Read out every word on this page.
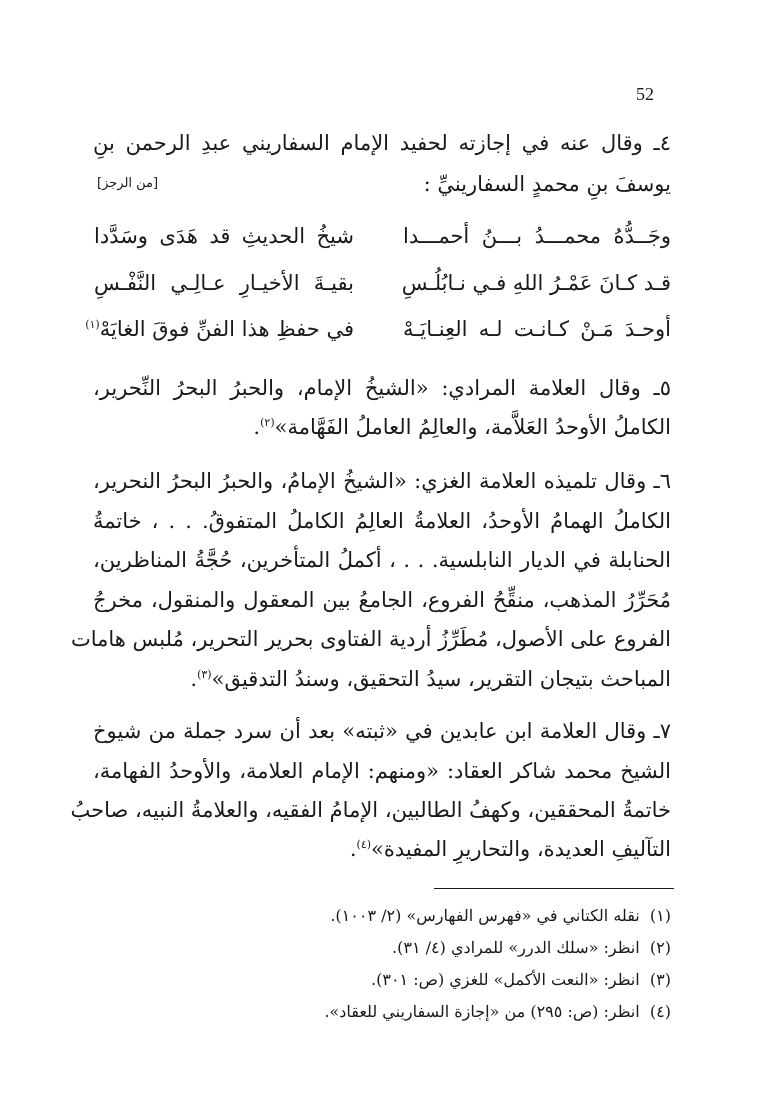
52
٤ـ وقال عنه في إجازته لحفيد الإمام السفاريني عبدِ الرحمن بنِ
يوسفَ بنِ محمدٍ السفارينيِّ :
[من الرجز]
وجَــدُّهُ محمـــدُ بـــنُ أحمـــدا
شيخُ الحديثِ قد هَدَى وسَدَّدا
قـد كـانَ عَمْـرُ اللهِ فـي نـابُلُـسِ
بقيـةَ الأخيـارِ عـالِـي النَّفْـسِ
أوحـدَ مَـنْ كـانـت لـه العِنـايَـهْ
في حفظِ هذا الفنِّ فوقَ الغايَهْ$^{(١)}$
٥ـ وقال العلامة المرادي: «الشيخُ الإمام، والحبرُ البحرُ النِّحرير،
الكاملُ الأوحدُ العَلاَّمة، والعالِمُ العاملُ الفَهَّامة»$^{(٢)}$.
٦ـ وقال تلميذه العلامة الغزي: «الشيخُ الإمامُ، والحبرُ البحرُ النحرير،
الكاملُ الهمامُ الأوحدُ، العلامةُ العالِمُ الكاملُ المتفوقُ. . . ، خاتمةُ
الحنابلة في الديار النابلسية. . . ، أكملُ المتأخرين، حُجَّةُ المناظرين،
مُحَرِّرُ المذهب، منقِّحُ الفروع، الجامعُ بين المعقول والمنقول، مخرجُ
الفروع على الأصول، مُطَرِّزُ أردية الفتاوى بحرير التحرير، مُلبس هامات
المباحث بتيجان التقرير، سيدُ التحقيق، وسندُ التدقيق»$^{(٣)}$.
٧ـ وقال العلامة ابن عابدين في «ثبته» بعد أن سرد جملة من شيوخ
الشيخ محمد شاكر العقاد: «ومنهم: الإمام العلامة، والأوحدُ الفهامة،
خاتمةُ المحققين، وكهفُ الطالبين، الإمامُ الفقيه، والعلامةُ النبيه، صاحبُ
التآليفِ العديدة، والتحاريرِ المفيدة»$^{(٤)}$.
(١)  نقله الكتاني في «فهرس الفهارس» (٢/ ١٠٠٣).
(٢)  انظر: «سلك الدرر» للمرادي (٤/ ٣١).
(٣)  انظر: «النعت الأكمل» للغزي (ص: ٣٠١).
(٤)  انظر: (ص: ٢٩٥) من «إجازة السفاريني للعقاد».
